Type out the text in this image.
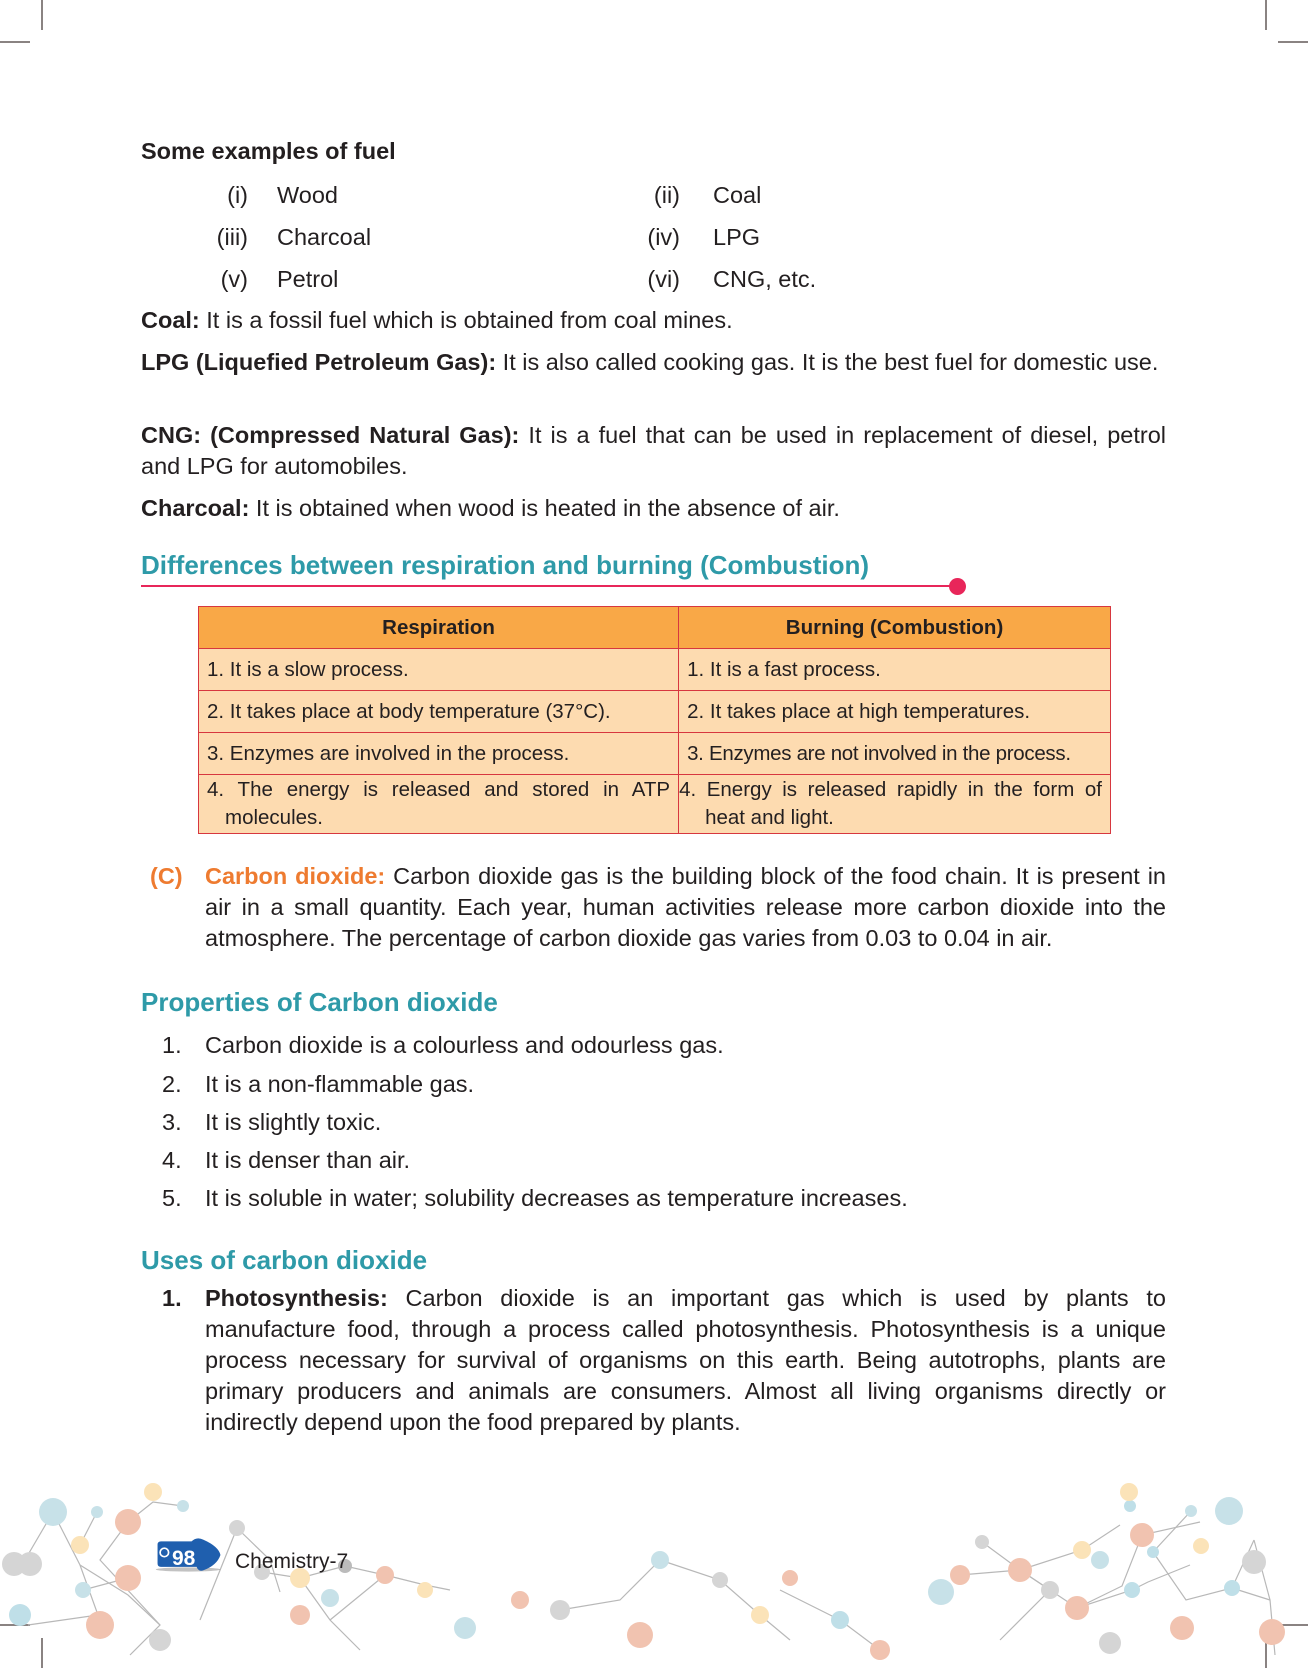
Some examples of fuel
(i) Wood	(ii) Coal
(iii) Charcoal	(iv) LPG
(v) Petrol	(vi) CNG, etc.
Coal: It is a fossil fuel which is obtained from coal mines.
LPG (Liquefied Petroleum Gas): It is also called cooking gas. It is the best fuel for domestic use.
CNG: (Compressed Natural Gas): It is a fuel that can be used in replacement of diesel, petrol and LPG for automobiles.
Charcoal: It is obtained when wood is heated in the absence of air.
Differences between respiration and burning (Combustion)
Respiration	Burning (Combustion)
1. It is a slow process.	1. It is a fast process.
2. It takes place at body temperature (37°C).	2. It takes place at high temperatures.
3. Enzymes are involved in the process.	3. Enzymes are not involved in the process.
4. The energy is released and stored in ATP molecules.	4. Energy is released rapidly in the form of heat and light.
(C) Carbon dioxide: Carbon dioxide gas is the building block of the food chain. It is present in air in a small quantity. Each year, human activities release more carbon dioxide into the atmosphere. The percentage of carbon dioxide gas varies from 0.03 to 0.04 in air.
Properties of Carbon dioxide
1. Carbon dioxide is a colourless and odourless gas.
2. It is a non-flammable gas.
3. It is slightly toxic.
4. It is denser than air.
5. It is soluble in water; solubility decreases as temperature increases.
Uses of carbon dioxide
1. Photosynthesis: Carbon dioxide is an important gas which is used by plants to manufacture food, through a process called photosynthesis. Photosynthesis is a unique process necessary for survival of organisms on this earth. Being autotrophs, plants are primary producers and animals are consumers. Almost all living organisms directly or indirectly depend upon the food prepared by plants.
98 Chemistry-7
